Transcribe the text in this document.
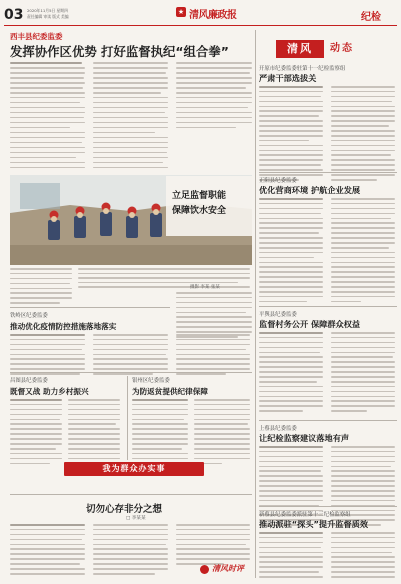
03 2020年11月5日 星期四
责任编辑 审读 版式 美编
★ 清风廉政报	纪检
西丰县纪委监委
发挥协作区优势 打好监督执纪“组合拳”	清风	动态
开原市纪委监委驻第十一纪检监察组
严肃干部选拔关
正阳县纪委监委
优化营商环境 护航企业发展
平舆县纪委监委
监督村务公开 保障群众权益
上蔡县纪委监委
让纪检监察建议落地有声
新蔡县纪委监委派驻第十三纪检监察组
推动派驻“探头”提升监督质效
立足监督职能
保障饮水安全
摄影 李某 张某
铁岭区纪委监委
推动优化疫情防控措施落地落实
昌图县纪委监委
既督又战 助力乡村振兴
银州区纪委监委
为防返贫提供纪律保障
我为群众办实事
切勿心存非分之想
□ 李某某
清风时评
